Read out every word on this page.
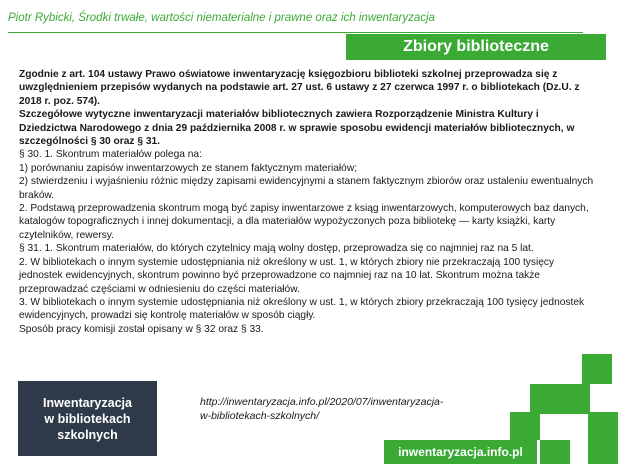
Piotr Rybicki, Środki trwałe, wartości niematerialne i prawne oraz ich inwentaryzacja
Zbiory biblioteczne

Zgodnie z art. 104 ustawy Prawo oświatowe inwentaryzację księgozbioru biblioteki szkolnej przeprowadza się z uwzględnieniem przepisów wydanych na podstawie art. 27 ust. 6 ustawy z 27 czerwca 1997 r. o bibliotekach (Dz.U. z 2018 r. poz. 574).

Szczegółowe wytyczne inwentaryzacji materiałów bibliotecznych zawiera Rozporządzenie Ministra Kultury i Dziedzictwa Narodowego z dnia 29 października 2008 r. w sprawie sposobu ewidencji materiałów bibliotecznych, w szczególności § 30 oraz § 31.

§ 30. 1. Skontrum materiałów polega na:

1) porównaniu zapisów inwentarzowych ze stanem faktycznym materiałów;

2) stwierdzeniu i wyjaśnieniu różnic między zapisami ewidencyjnymi a stanem faktycznym zbiorów oraz ustaleniu ewentualnych braków.

2. Podstawą przeprowadzenia skontrum mogą być zapisy inwentarzowe z ksiąg inwentarzowych, komputerowych baz danych, katalogów topograficznych i innej dokumentacji, a dla materiałów wypożyczonych poza bibliotekę — karty książki, karty czytelników, rewersy.

§ 31. 1. Skontrum materiałów, do których czytelnicy mają wolny dostęp, przeprowadza się co najmniej raz na 5 lat.

2. W bibliotekach o innym systemie udostępniania niż określony w ust. 1, w których zbiory nie przekraczają 100 tysięcy jednostek ewidencyjnych, skontrum powinno być przeprowadzone co najmniej raz na 10 lat. Skontrum można także przeprowadzać częściami w odniesieniu do części materiałów.

3. W bibliotekach o innym systemie udostępniania niż określony w ust. 1, w których zbiory przekraczają 100 tysięcy jednostek ewidencyjnych, prowadzi się kontrolę materiałów w sposób ciągły.

Sposób pracy komisji został opisany w § 32 oraz § 33.

Inwentaryzacja
w bibliotekach
szkolnych
http://inwentaryzacja.info.pl/2020/07/inwentaryzacja-
w-bibliotekach-szkolnych/
inwentaryzacja.info.pl
